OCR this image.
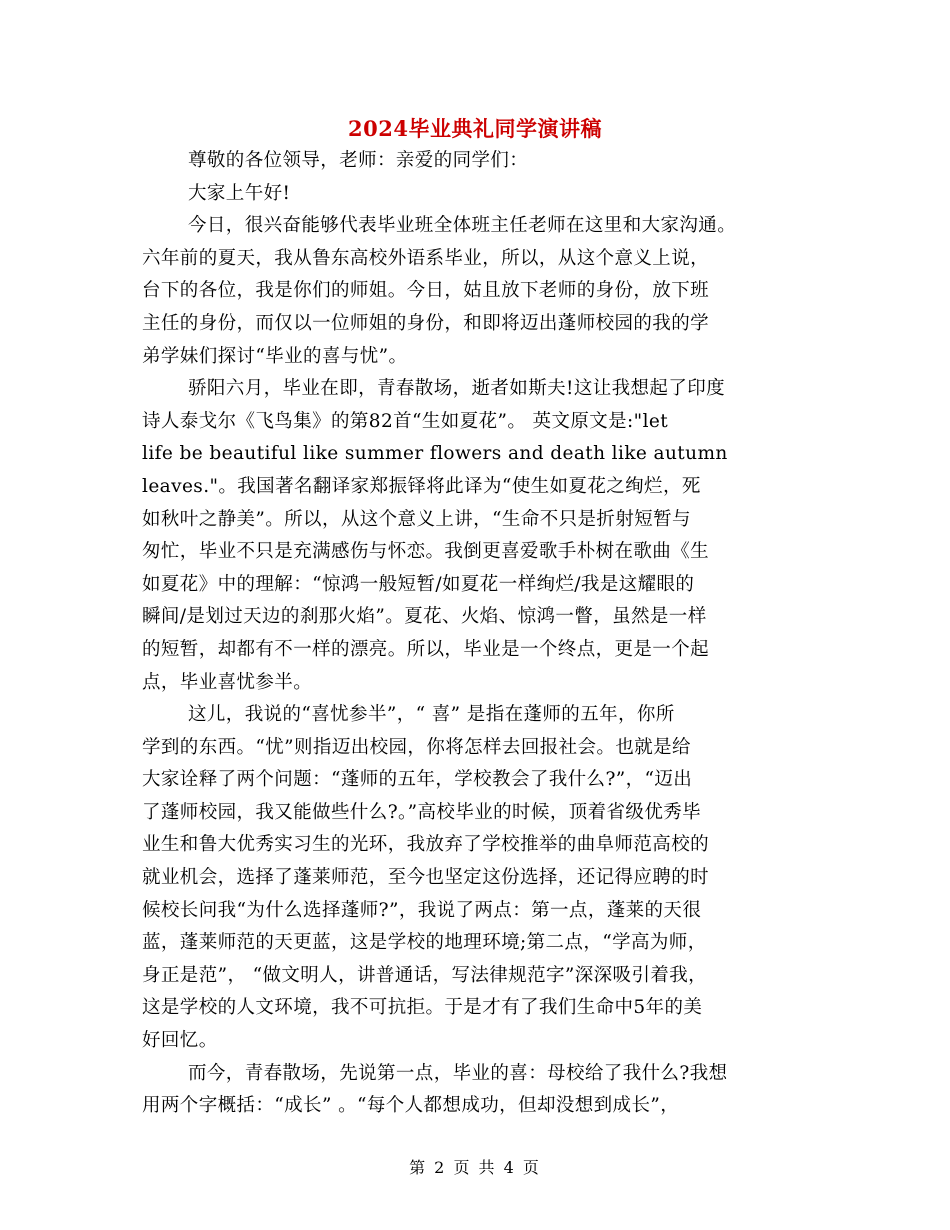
2024毕业典礼同学演讲稿
尊敬的各位领导，老师：亲爱的同学们：
大家上午好!
今日，很兴奋能够代表毕业班全体班主任老师在这里和大家沟通。
六年前的夏天，我从鲁东高校外语系毕业，所以，从这个意义上说，
台下的各位，我是你们的师姐。今日，姑且放下老师的身份，放下班
主任的身份，而仅以一位师姐的身份，和即将迈出蓬师校园的我的学
弟学妹们探讨“毕业的喜与忧”。
骄阳六月，毕业在即，青春散场，逝者如斯夫!这让我想起了印度
诗人泰戈尔《飞鸟集》的第82首“生如夏花”。 英文原文是:"let
life be beautiful like summer flowers and death like autumn
leaves."。我国著名翻译家郑振铎将此译为“使生如夏花之绚烂，死
如秋叶之静美”。所以，从这个意义上讲，“生命不只是折射短暂与
匆忙，毕业不只是充满感伤与怀恋。我倒更喜爱歌手朴树在歌曲《生
如夏花》中的理解：“惊鸿一般短暂/如夏花一样绚烂/我是这耀眼的
瞬间/是划过天边的刹那火焰”。夏花、火焰、惊鸿一瞥，虽然是一样
的短暂，却都有不一样的漂亮。所以，毕业是一个终点，更是一个起
点，毕业喜忧参半。
这儿，我说的“喜忧参半”，“ 喜” 是指在蓬师的五年，你所
学到的东西。“忧”则指迈出校园，你将怎样去回报社会。也就是给
大家诠释了两个问题：“蓬师的五年，学校教会了我什么?”，“迈出
了蓬师校园，我又能做些什么?。”高校毕业的时候，顶着省级优秀毕
业生和鲁大优秀实习生的光环，我放弃了学校推举的曲阜师范高校的
就业机会，选择了蓬莱师范，至今也坚定这份选择，还记得应聘的时
候校长问我“为什么选择蓬师?”，我说了两点：第一点，蓬莱的天很
蓝，蓬莱师范的天更蓝，这是学校的地理环境;第二点，“学高为师，
身正是范”， “做文明人，讲普通话，写法律规范字”深深吸引着我，
这是学校的人文环境，我不可抗拒。于是才有了我们生命中5年的美
好回忆。
而今，青春散场，先说第一点，毕业的喜：母校给了我什么?我想
用两个字概括：“成长” 。“每个人都想成功，但却没想到成长”，
第 2 页 共 4 页
